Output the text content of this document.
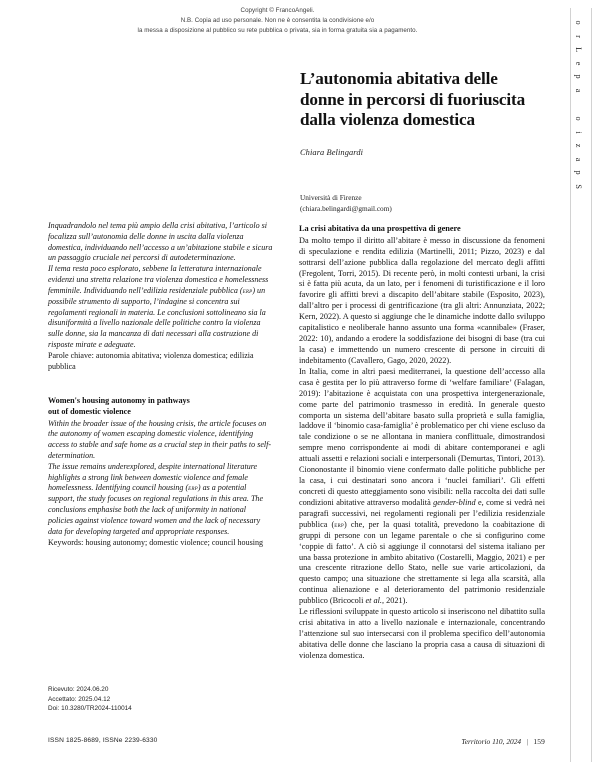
Copyright © FrancoAngeli.
N.B. Copia ad uso personale. Non ne è consentita la condivisione e/o
la messa a disposizione al pubblico su rete pubblica o privata, sia in forma gratuita sia a pagamento.
o
r
L
e
p
a
o
i
z
a
p
S
L’autonomia abitativa delle donne in percorsi di fuoriuscita dalla violenza domestica
Chiara Belingardi
Università di Firenze
(chiara.belingardi@gmail.com)

Inquadrandolo nel tema più ampio della crisi abitativa, l’articolo si focalizza sull’autonomia delle donne in uscita dalla violenza domestica, individuando nell’accesso a un’abitazione stabile e sicura un passaggio cruciale nei percorsi di autodeterminazione.

Il tema resta poco esplorato, sebbene la letteratura internazionale evidenzi una stretta relazione tra violenza domestica e homelessness femminile. Individuando nell’edilizia residenziale pubblica (erp) un possibile strumento di supporto, l’indagine si concentra sui regolamenti regionali in materia. Le conclusioni sottolineano sia la disuniformità a livello nazionale delle politiche contro la violenza sulle donne, sia la mancanza di dati necessari alla costruzione di risposte mirate e adeguate.

Parole chiave: autonomia abitativa; violenza domestica; edilizia pubblica
Women's housing autonomy in pathways
out of domestic violence

Within the broader issue of the housing crisis, the article focuses on the autonomy of women escaping domestic violence, identifying access to stable and safe home as a crucial step in their paths to self-determination.

The issue remains underexplored, despite international literature highlights a strong link between domestic violence and female homelessness. Identifying council housing (erp) as a potential support, the study focuses on regional regulations in this area. The conclusions emphasise both the lack of uniformity in national policies against violence toward women and the lack of necessary data for developing targeted and appropriate responses.

Keywords: housing autonomy; domestic violence; council housing
Ricevuto: 2024.06.20
Accettato: 2025.04.12
Doi: 10.3280/TR2024-110014
ISSN 1825-8689, ISSNe 2239-6330
La crisi abitativa da una prospettiva di genere

Da molto tempo il diritto all’abitare è messo in discussione da fenomeni di speculazione e rendita edilizia (Martinelli, 2011; Pizzo, 2023) e dal sottrarsi dell’azione pubblica dalla regolazione del mercato degli affitti (Fregolent, Torri, 2015). Di recente però, in molti contesti urbani, la crisi si è fatta più acuta, da un lato, per i fenomeni di turistificazione e il loro favorire gli affitti brevi a discapito dell’abitare stabile (Esposito, 2023), dall’altro per i processi di gentrificazione (tra gli altri: Annunziata, 2022; Kern, 2022). A questo si aggiunge che le dinamiche indotte dallo sviluppo capitalistico e neoliberale hanno assunto una forma «cannibale» (Fraser, 2022: 10), andando a erodere la soddisfazione dei bisogni di base (tra cui la casa) e immettendo un numero crescente di persone in circuiti di indebitamento (Cavallero, Gago, 2020, 2022).

In Italia, come in altri paesi mediterranei, la questione dell’accesso alla casa è gestita per lo più attraverso forme di ‘welfare familiare’ (Falagan, 2019): l’abitazione è acquistata con una prospettiva intergenerazionale, come parte del patrimonio trasmesso in eredità. In generale questo comporta un sistema dell’abitare basato sulla proprietà e sulla famiglia, laddove il ‘binomio casa-famiglia’ è problematico per chi viene escluso da tale condizione o se ne allontana in maniera conflittuale, dimostrandosi sempre meno corrispondente ai modi di abitare contemporanei e agli attuali assetti e relazioni sociali e interpersonali (Demurtas, Tintori, 2013). Ciononostante il binomio viene confermato dalle politiche pubbliche per la casa, i cui destinatari sono ancora i ‘nuclei familiari’. Gli effetti concreti di questo atteggiamento sono visibili: nella raccolta dei dati sulle condizioni abitative attraverso modalità gender-blind e, come si vedrà nei paragrafi successivi, nei regolamenti regionali per l’edilizia residenziale pubblica (erp) che, per la quasi totalità, prevedono la coabitazione di gruppi di persone con un legame parentale o che si configurino come ‘coppie di fatto’. A ciò si aggiunge il connotarsi del sistema italiano per una bassa protezione in ambito abitativo (Costarelli, Maggio, 2021) e per una crescente ritrazione dello Stato, nelle sue varie articolazioni, da questo campo; una situazione che strettamente si lega alla scarsità, alla continua alienazione e al deterioramento del patrimonio residenziale pubblico (Bricocoli et al., 2021).

Le riflessioni sviluppate in questo articolo si inseriscono nel dibattito sulla crisi abitativa in atto a livello nazionale e internazionale, concentrando l’attenzione sul suo intersecarsi con il problema specifico dell’autonomia abitativa delle donne che lasciano la propria casa a causa di situazioni di violenza domestica.

Territorio 110, 2024 | 159
